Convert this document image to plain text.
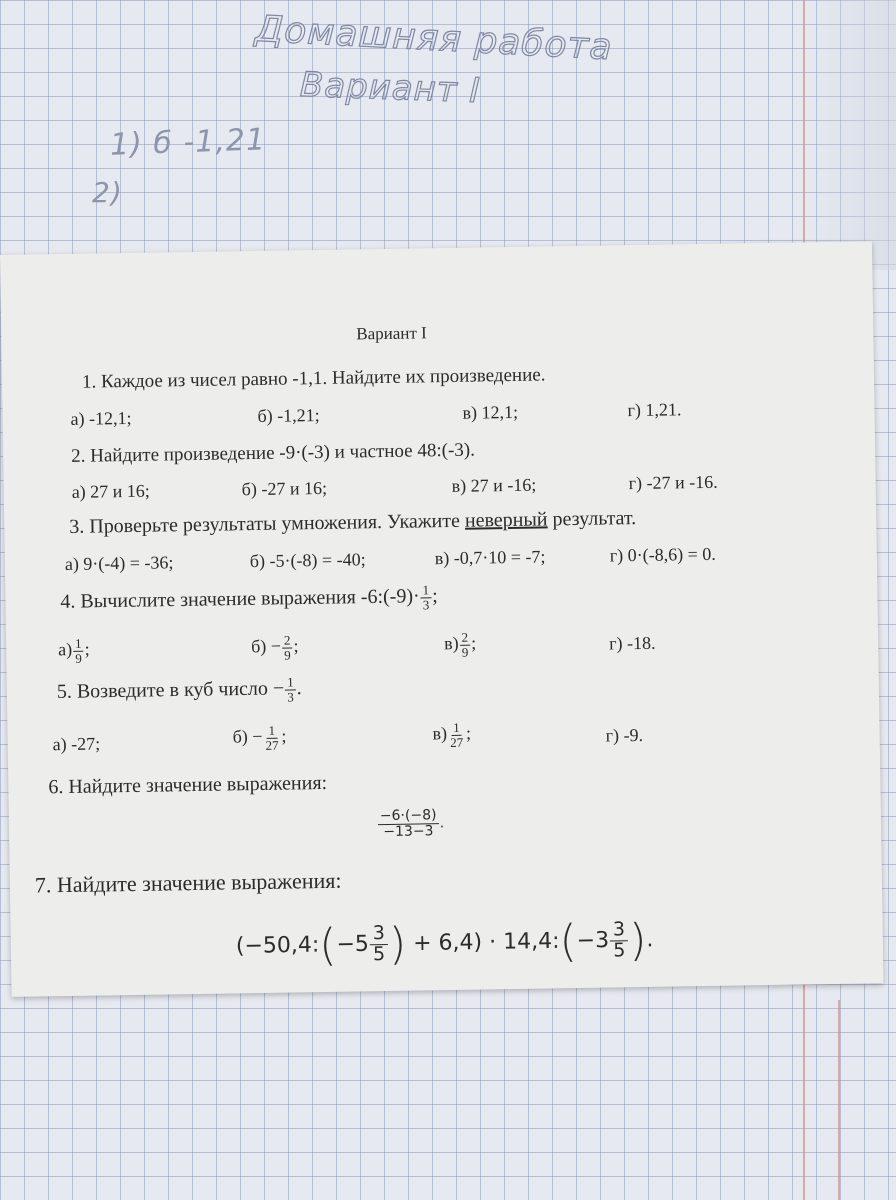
Домашняя работа
Вариант I
1) б -1,21
2)
Вариант I
1. Каждое из чисел равно -1,1. Найдите их произведение.
а) -12,1;	б) -1,21;	в) 12,1;	г) 1,21.
2. Найдите произведение -9·(-3) и частное 48:(-3).
а) 27 и 16;	б) -27 и 16;	в) 27 и -16;	г) -27 и -16.
3. Проверьте результаты умножения. Укажите неверный результат.
а) 9·(-4) = -36;	б) -5·(-8) = -40;	в) -0,7·10 = -7;	г) 0·(-8,6) = 0.
4. Вычислите значение выражения -6:(-9)· $\frac{1}{3}$ ;
$а) \frac{1}{9}$ ;	$б) - \frac{2}{9}$ ;	$в) \frac{2}{9}$ ;	г) -18.
5. Возведите в куб число − $\frac{1}{3}$ .
а) -27;	$б) - \frac{1}{27}$ ;	$в) \frac{1}{27}$ ;	г) -9.
6. Найдите значение выражения:
$\frac{-6\cdot(-8)}{-13-3}$ .
7. Найдите значение выражения:
(−50,4:(−5 $\frac{3}{5}$ ) + 6,4) · 14,4:(−3 $\frac{3}{5}$ ).
